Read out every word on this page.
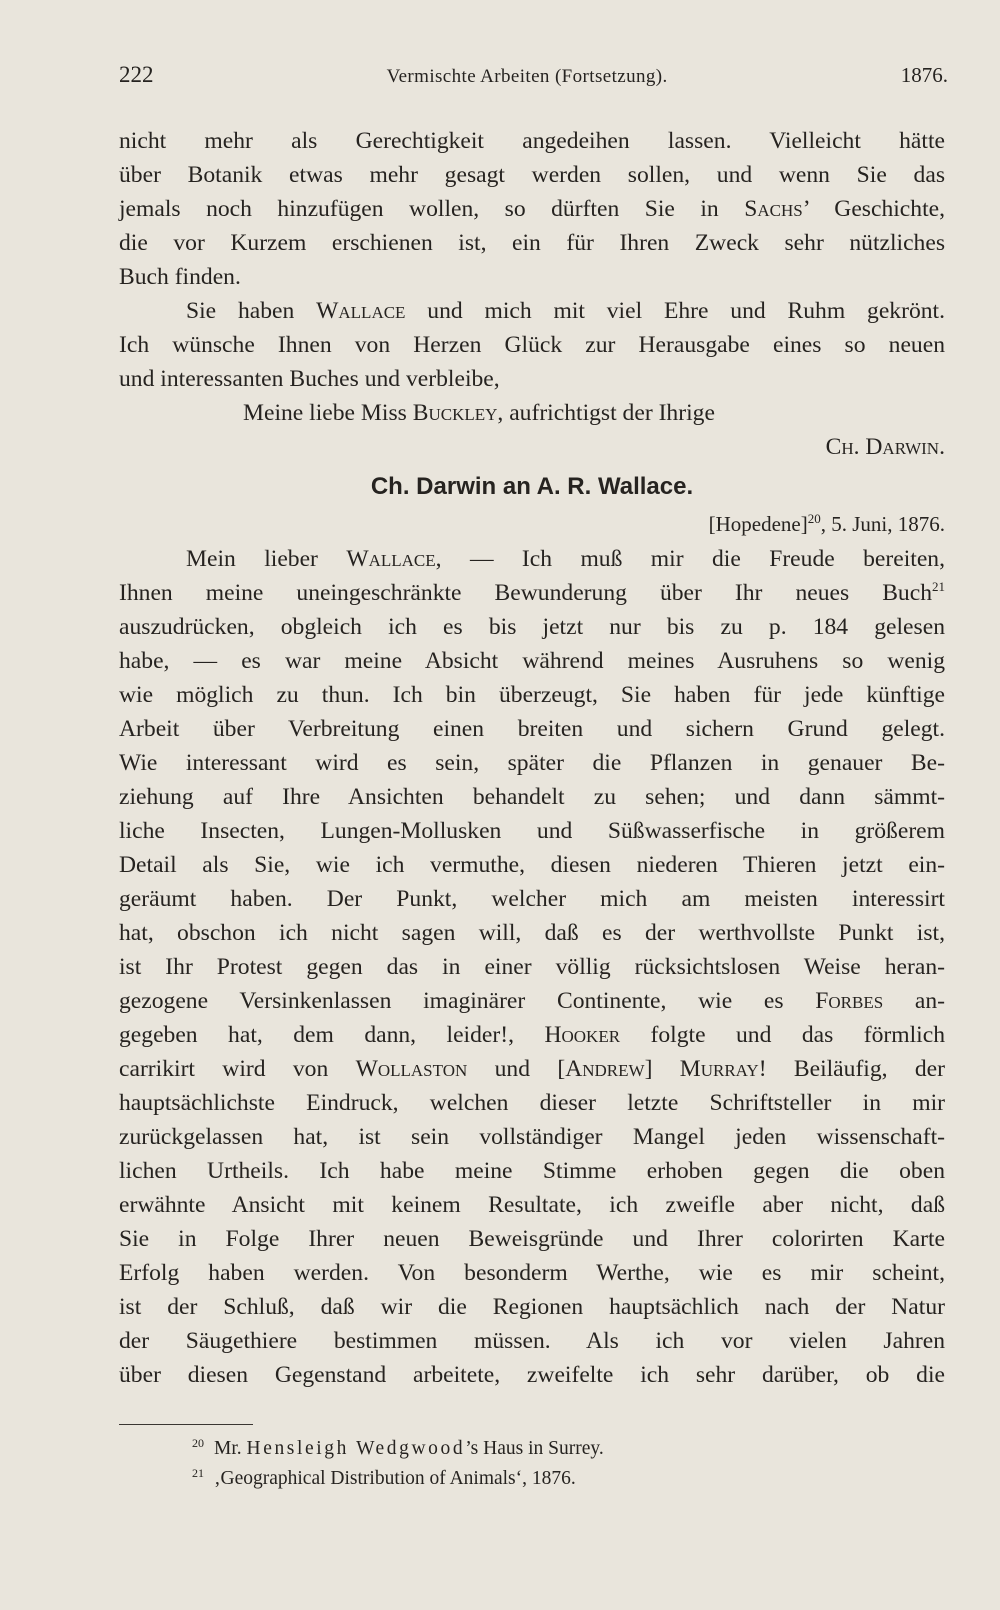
222	Vermischte Arbeiten (Fortsetzung).	1876.
nicht mehr als Gerechtigkeit angedeihen lassen. Vielleicht hätte
über Botanik etwas mehr gesagt werden sollen, und wenn Sie das
jemals noch hinzufügen wollen, so dürften Sie in Sachs’ Geschichte,
die vor Kurzem erschienen ist, ein für Ihren Zweck sehr nützliches
Buch finden.
Sie haben Wallace und mich mit viel Ehre und Ruhm gekrönt.
Ich wünsche Ihnen von Herzen Glück zur Herausgabe eines so neuen
und interessanten Buches und verbleibe,
Meine liebe Miss Buckley, aufrichtigst der Ihrige
Ch. Darwin.
Ch. Darwin an A. R. Wallace.
[Hopedene]$^{20}$, 5. Juni, 1876.
Mein lieber Wallace, — Ich muß mir die Freude bereiten,
Ihnen meine uneingeschränkte Bewunderung über Ihr neues Buch$^{21}$
auszudrücken, obgleich ich es bis jetzt nur bis zu p. 184 gelesen
habe, — es war meine Absicht während meines Ausruhens so wenig
wie möglich zu thun. Ich bin überzeugt, Sie haben für jede künftige
Arbeit über Verbreitung einen breiten und sichern Grund gelegt.
Wie interessant wird es sein, später die Pflanzen in genauer Be-
ziehung auf Ihre Ansichten behandelt zu sehen; und dann sämmt-
liche Insecten, Lungen-Mollusken und Süßwasserfische in größerem
Detail als Sie, wie ich vermuthe, diesen niederen Thieren jetzt ein-
geräumt haben. Der Punkt, welcher mich am meisten interessirt
hat, obschon ich nicht sagen will, daß es der werthvollste Punkt ist,
ist Ihr Protest gegen das in einer völlig rücksichtslosen Weise heran-
gezogene Versinkenlassen imaginärer Continente, wie es Forbes an-
gegeben hat, dem dann, leider!, Hooker folgte und das förmlich
carrikirt wird von Wollaston und [Andrew] Murray! Beiläufig, der
hauptsächlichste Eindruck, welchen dieser letzte Schriftsteller in mir
zurückgelassen hat, ist sein vollständiger Mangel jeden wissenschaft-
lichen Urtheils. Ich habe meine Stimme erhoben gegen die oben
erwähnte Ansicht mit keinem Resultate, ich zweifle aber nicht, daß
Sie in Folge Ihrer neuen Beweisgründe und Ihrer colorirten Karte
Erfolg haben werden. Von besonderm Werthe, wie es mir scheint,
ist der Schluß, daß wir die Regionen hauptsächlich nach der Natur
der Säugethiere bestimmen müssen. Als ich vor vielen Jahren
über diesen Gegenstand arbeitete, zweifelte ich sehr darüber, ob die
$^{20}$ Mr. Hensleigh Wedgwood’s Haus in Surrey.
$^{21}$ ‚Geographical Distribution of Animals‘, 1876.
